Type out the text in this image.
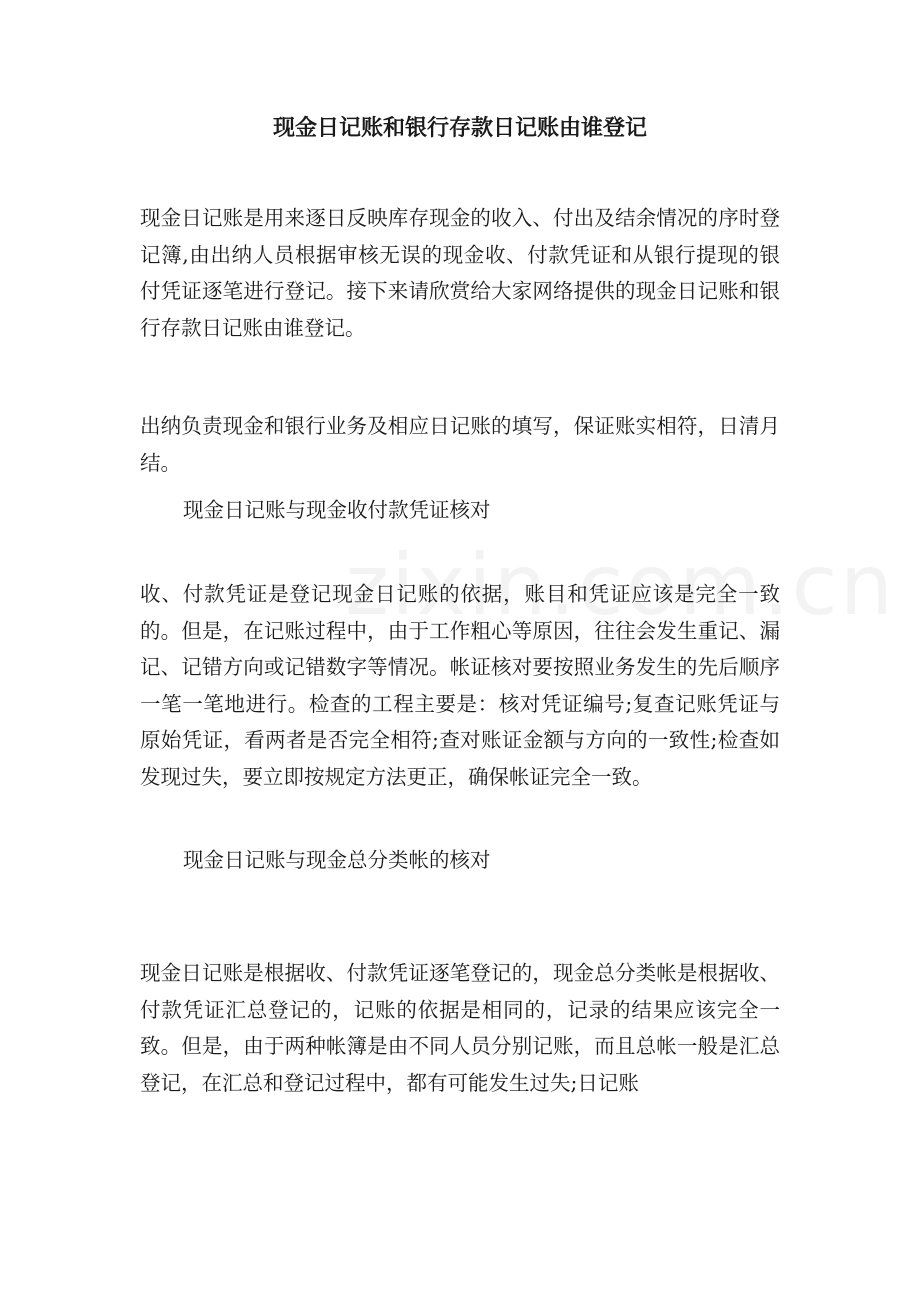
现金日记账和银行存款日记账由谁登记

现金日记账是用来逐日反映库存现金的收入、付出及结余情况的序时登记簿,由出纳人员根据审核无误的现金收、付款凭证和从银行提现的银付凭证逐笔进行登记。接下来请欣赏给大家网络提供的现金日记账和银行存款日记账由谁登记。

出纳负责现金和银行业务及相应日记账的填写，保证账实相符，日清月结。

现金日记账与现金收付款凭证核对

收、付款凭证是登记现金日记账的依据，账目和凭证应该是完全一致的。但是，在记账过程中，由于工作粗心等原因，往往会发生重记、漏记、记错方向或记错数字等情况。帐证核对要按照业务发生的先后顺序一笔一笔地进行。检查的工程主要是：核对凭证编号;复查记账凭证与原始凭证，看两者是否完全相符;查对账证金额与方向的一致性;检查如发现过失，要立即按规定方法更正，确保帐证完全一致。

现金日记账与现金总分类帐的核对

现金日记账是根据收、付款凭证逐笔登记的，现金总分类帐是根据收、付款凭证汇总登记的，记账的依据是相同的，记录的结果应该完全一致。但是，由于两种帐簿是由不同人员分别记账，而且总帐一般是汇总登记，在汇总和登记过程中，都有可能发生过失;日记账
